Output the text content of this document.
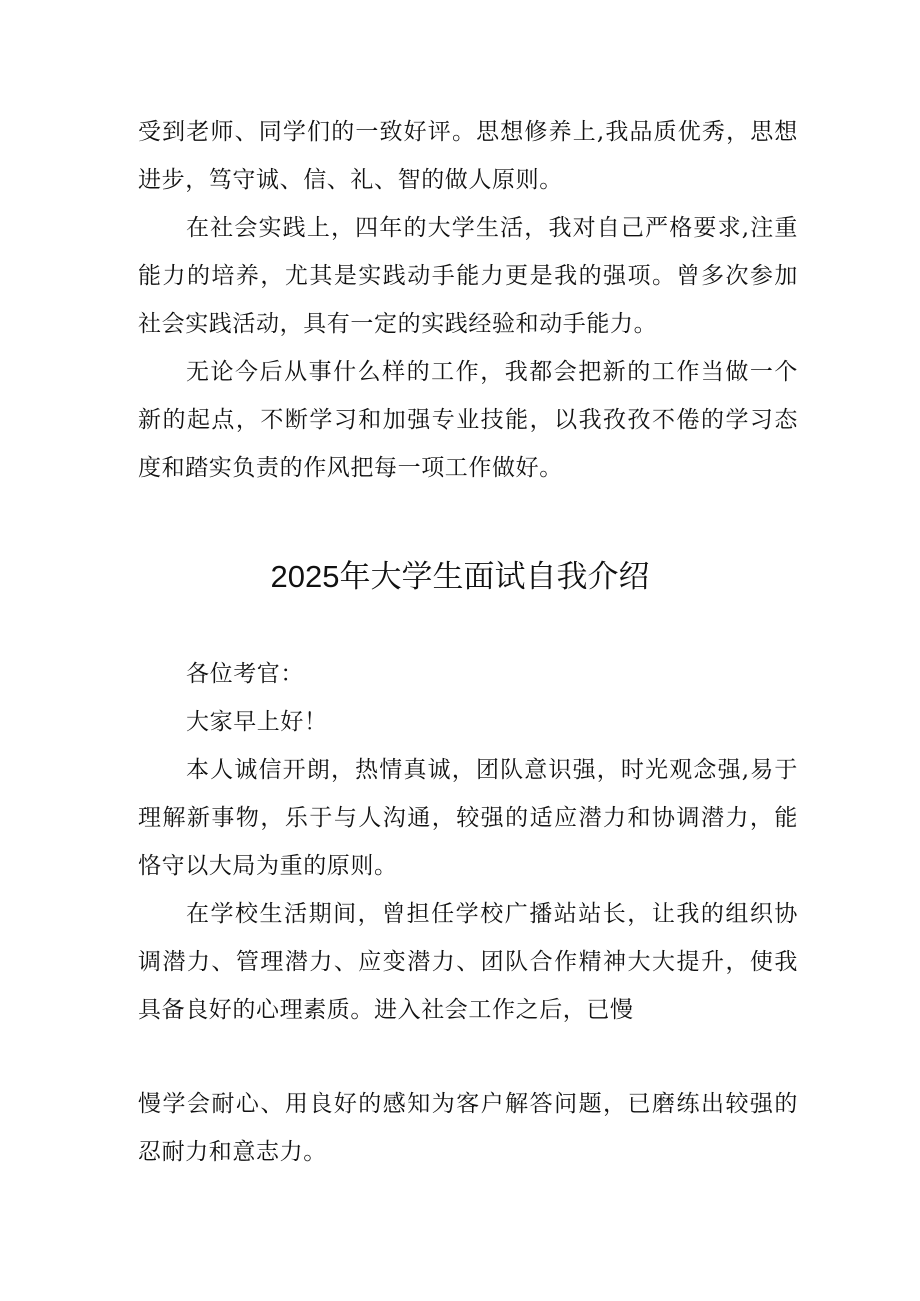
受到老师、同学们的一致好评。思想修养上,我品质优秀，思想进步，笃守诚、信、礼、智的做人原则。

在社会实践上，四年的大学生活，我对自己严格要求,注重能力的培养，尤其是实践动手能力更是我的强项。曾多次参加社会实践活动，具有一定的实践经验和动手能力。

无论今后从事什么样的工作，我都会把新的工作当做一个新的起点，不断学习和加强专业技能，以我孜孜不倦的学习态度和踏实负责的作风把每一项工作做好。

2025年大学生面试自我介绍

各位考官：

大家早上好！

本人诚信开朗，热情真诚，团队意识强，时光观念强,易于理解新事物，乐于与人沟通，较强的适应潜力和协调潜力，能恪守以大局为重的原则。

在学校生活期间，曾担任学校广播站站长，让我的组织协调潜力、管理潜力、应变潜力、团队合作精神大大提升，使我具备良好的心理素质。进入社会工作之后，已慢

慢学会耐心、用良好的感知为客户解答问题，已磨练出较强的忍耐力和意志力。
